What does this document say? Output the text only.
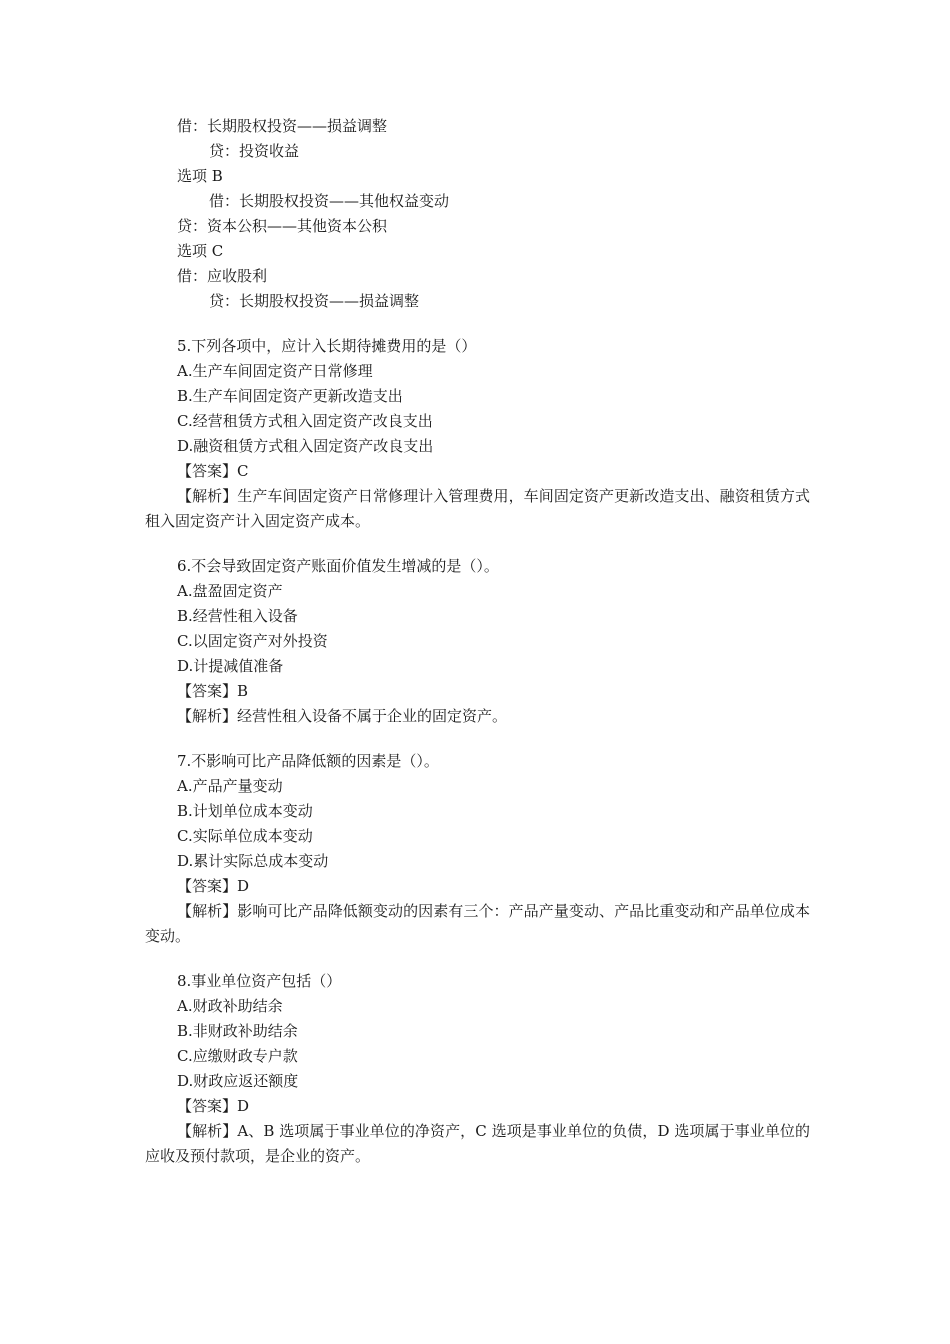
借：长期股权投资——损益调整

贷：投资收益

选项 B

借：长期股权投资——其他权益变动

贷：资本公积——其他资本公积

选项 C

借：应收股利

贷：长期股权投资——损益调整

5.下列各项中，应计入长期待摊费用的是（）

A.生产车间固定资产日常修理

B.生产车间固定资产更新改造支出

C.经营租赁方式租入固定资产改良支出

D.融资租赁方式租入固定资产改良支出

【答案】C

【解析】生产车间固定资产日常修理计入管理费用，车间固定资产更新改造支出、融资租赁方式租入固定资产计入固定资产成本。

6.不会导致固定资产账面价值发生增减的是（）。

A.盘盈固定资产

B.经营性租入设备

C.以固定资产对外投资

D.计提减值准备

【答案】B

【解析】经营性租入设备不属于企业的固定资产。

7.不影响可比产品降低额的因素是（）。

A.产品产量变动

B.计划单位成本变动

C.实际单位成本变动

D.累计实际总成本变动

【答案】D

【解析】影响可比产品降低额变动的因素有三个：产品产量变动、产品比重变动和产品单位成本变动。

8.事业单位资产包括（）

A.财政补助结余

B.非财政补助结余

C.应缴财政专户款

D.财政应返还额度

【答案】D

【解析】A、B 选项属于事业单位的净资产，C 选项是事业单位的负债，D 选项属于事业单位的应收及预付款项，是企业的资产。
